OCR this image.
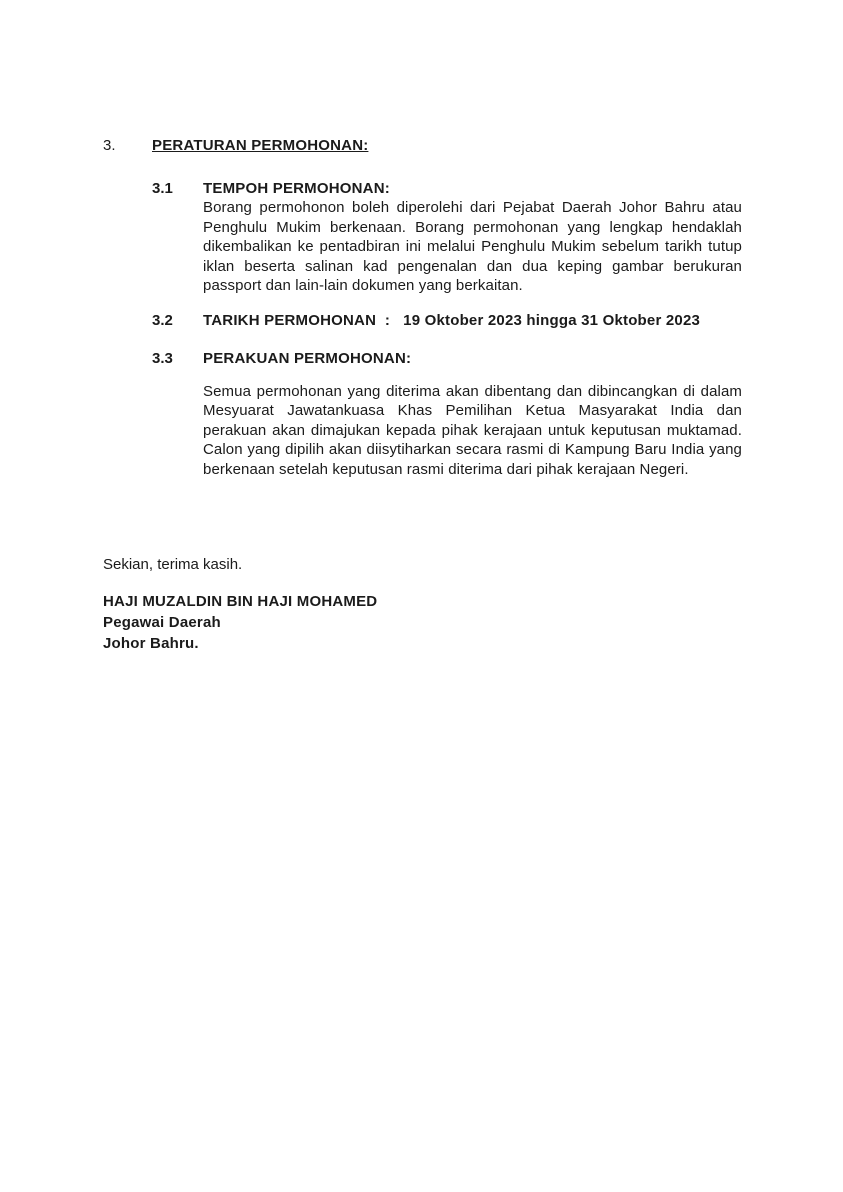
3.	PERATURAN PERMOHONAN:
3.1	TEMPOH PERMOHONAN:

Borang permohonon boleh diperolehi dari Pejabat Daerah Johor Bahru atau Penghulu Mukim berkenaan. Borang permohonan yang lengkap hendaklah dikembalikan ke pentadbiran ini melalui Penghulu Mukim sebelum tarikh tutup iklan beserta salinan kad pengenalan dan dua keping gambar berukuran passport dan lain-lain dokumen yang berkaitan.

3.2	TARIKH PERMOHONAN  :   19 Oktober 2023 hingga 31 Oktober 2023
3.3	PERAKUAN PERMOHONAN:

Semua permohonan yang diterima akan dibentang dan dibincangkan di dalam Mesyuarat Jawatankuasa Khas Pemilihan Ketua Masyarakat India dan perakuan akan dimajukan kepada pihak kerajaan untuk keputusan muktamad. Calon yang dipilih akan diisytiharkan secara rasmi di Kampung Baru India yang berkenaan setelah keputusan rasmi diterima dari pihak kerajaan Negeri.

Sekian, terima kasih.
HAJI MUZALDIN BIN HAJI MOHAMED
Pegawai Daerah
Johor Bahru.
